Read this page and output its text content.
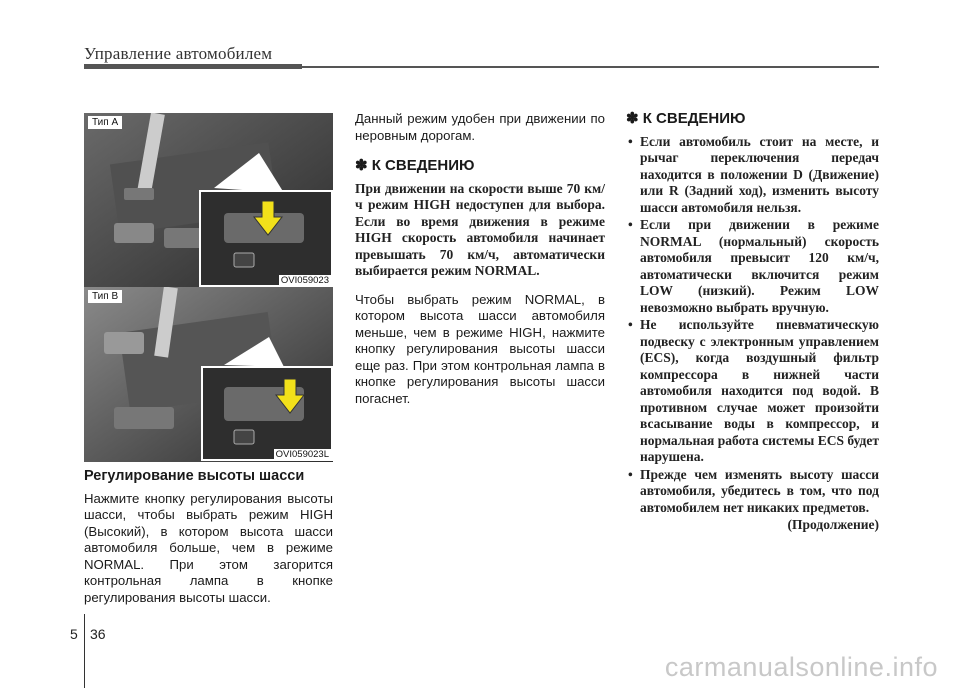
Управление автомобилем
Тип A
OVI059023
Тип B
OVI059023L
Регулирование высоты шасси

Нажмите кнопку регулирования высоты шасси, чтобы выбрать режим HIGH (Высокий), в котором высота шасси автомобиля больше, чем в режиме NORMAL. При этом загорится контрольная лампа в кнопке регулирования высоты шасси.

Данный режим удобен при движении по неровным дорогам.

✽ К СВЕДЕНИЮ

При движении на скорости выше 70 км/ч режим HIGH недоступен для выбора. Если во время движения в режиме HIGH скорость автомобиля начинает превышать 70 км/ч, автоматически выбирается режим NORMAL.

Чтобы выбрать режим NORMAL, в котором высота шасси автомобиля меньше, чем в режиме HIGH, нажмите кнопку регулирования высоты шасси еще раз. При этом контрольная лампа в кнопке регулирования высоты шасси погаснет.

✽ К СВЕДЕНИЮ
• Если автомобиль стоит на месте, и рычаг переключения передач находится в положении D (Движение) или R (Задний ход), изменить высоту шасси автомобиля нельзя.
• Если при движении в режиме NORMAL (нормальный) скорость автомобиля превысит 120 км/ч, автоматически включится режим LOW (низкий). Режим LOW невозможно выбрать вручную.
• Не используйте пневматическую подвеску с электронным управлением (ECS), когда воздушный фильтр компрессора в нижней части автомобиля находится под водой. В противном случае может произойти всасывание воды в компрессор, и нормальная работа системы ECS будет нарушена.
• Прежде чем изменять высоту шасси автомобиля, убедитесь в том, что под автомобилем нет никаких предметов.
(Продолжение)
5 36
carmanualsonline.info
